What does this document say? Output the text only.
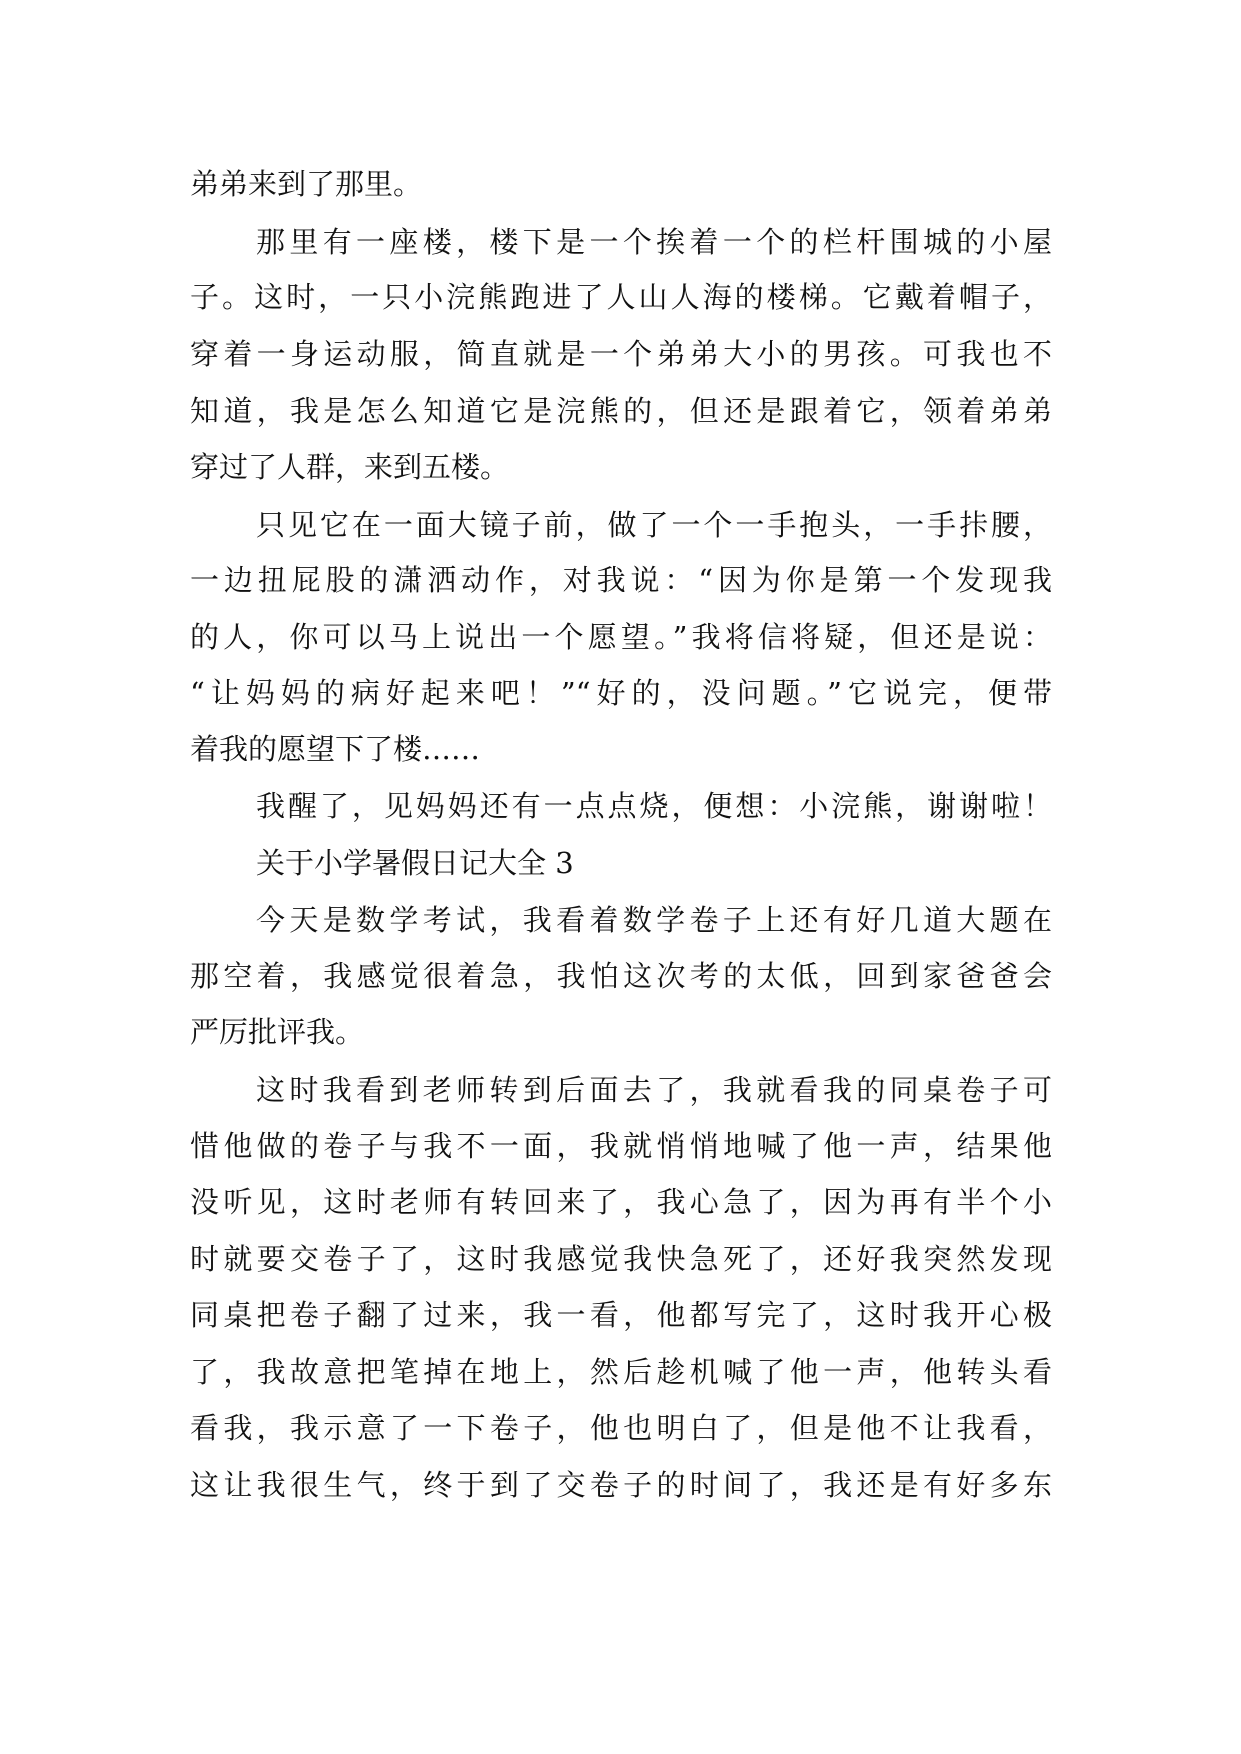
弟弟来到了那里。
那里有一座楼，楼下是一个挨着一个的栏杆围城的小屋
子。这时，一只小浣熊跑进了人山人海的楼梯。它戴着帽子，
穿着一身运动服，简直就是一个弟弟大小的男孩。可我也不
知道，我是怎么知道它是浣熊的，但还是跟着它，领着弟弟
穿过了人群，来到五楼。
只见它在一面大镜子前，做了一个一手抱头，一手拤腰，
一边扭屁股的潇洒动作，对我说：“因为你是第一个发现我
的人，你可以马上说出一个愿望。”我将信将疑，但还是说：
“让妈妈的病好起来吧！”“好的，没问题。”它说完，便带
着我的愿望下了楼……
我醒了，见妈妈还有一点点烧，便想：小浣熊，谢谢啦！
关于小学暑假日记大全 3
今天是数学考试，我看着数学卷子上还有好几道大题在
那空着，我感觉很着急，我怕这次考的太低，回到家爸爸会
严厉批评我。
这时我看到老师转到后面去了，我就看我的同桌卷子可
惜他做的卷子与我不一面，我就悄悄地喊了他一声，结果他
没听见，这时老师有转回来了，我心急了，因为再有半个小
时就要交卷子了，这时我感觉我快急死了，还好我突然发现
同桌把卷子翻了过来，我一看，他都写完了，这时我开心极
了，我故意把笔掉在地上，然后趁机喊了他一声，他转头看
看我，我示意了一下卷子，他也明白了，但是他不让我看，
这让我很生气，终于到了交卷子的时间了，我还是有好多东
